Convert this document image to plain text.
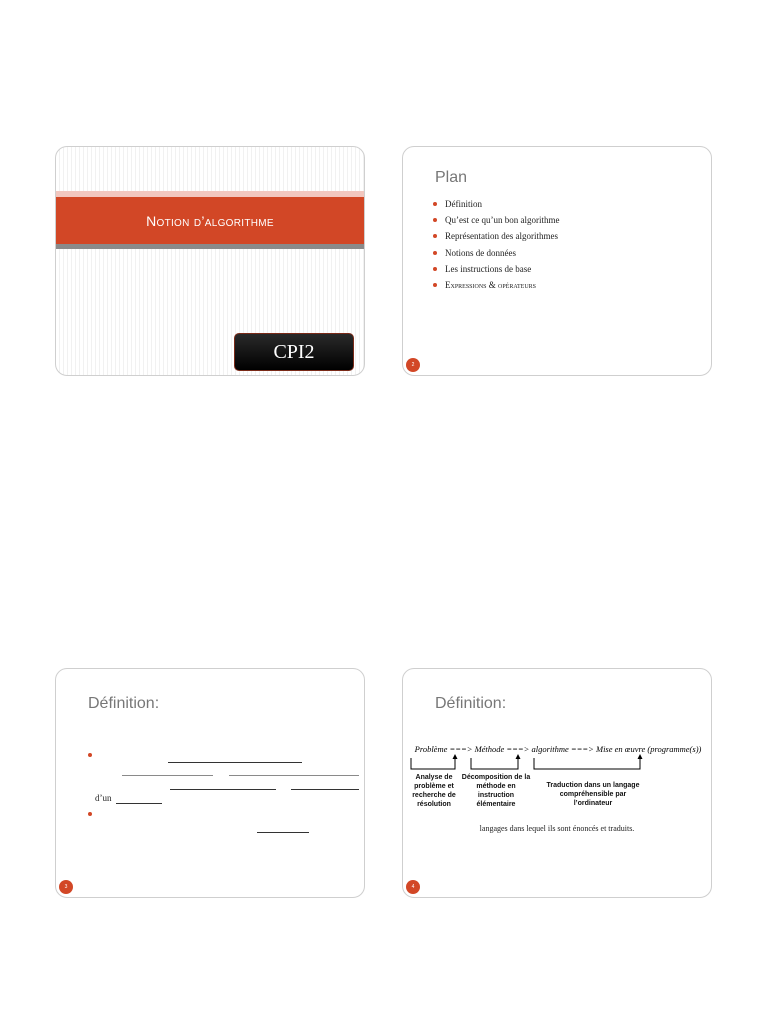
Notion d’algorithme
CPI2
Plan
Définition
Qu’est ce qu’un bon algorithme
Représentation des algorithmes
Notions de données
Les instructions de base
Expressions & opérateurs
2
Définition:
d’un
3
Définition:
Problème ===> Méthode ===> algorithme ===> Mise en œuvre (programme(s))
Analyse de problème et recherche de résolution
Décomposition de la méthode en instruction élémentaire
Traduction dans un langage compréhensible par l’ordinateur
langages dans lequel ils sont énoncés et traduits.
4
